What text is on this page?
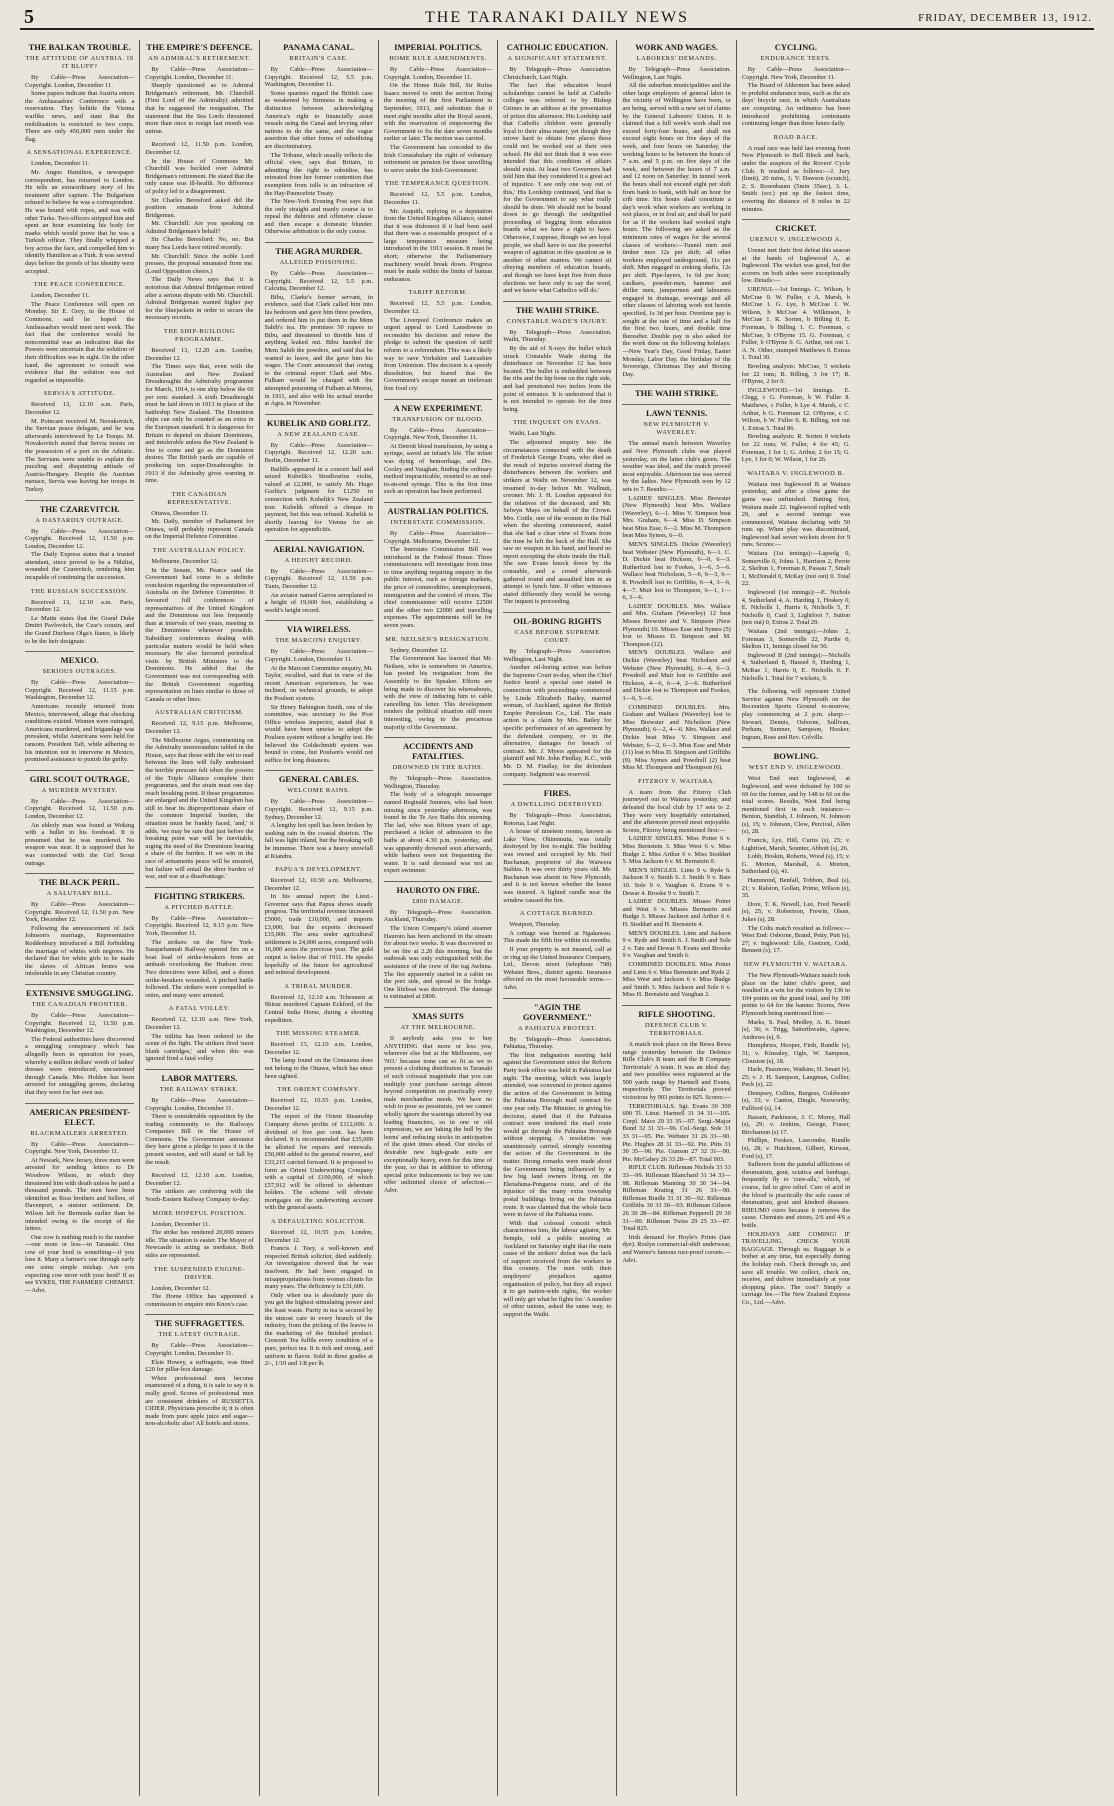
5	THE TARANAKI DAILY NEWS	FRIDAY, DECEMBER 13, 1912.
THE BALKAN TROUBLE.
THE ATTITUDE OF AUSTRIA. IS IT BLUFF?
By Cable—Press Association—Copyright. London, December 11.
Some papers indicate that Austria enters the Ambassadors' Conference with a reservation. They belittle the Vienna warlike news, and state that the mobilisation is restricted to two corps. There are only 450,000 men under the flag.
A SENSATIONAL EXPERIENCE.
London, December 11.
Mr. Angus Hamilton, a newspaper correspondent, has returned to London. He tells an extraordinary story of his treatment after capture. The Bulgarians refused to believe he was a correspondent. He was bound with ropes, and was with other Turks. Two officers stripped him and spent an hour examining his body for marks which would prove that he was a Turkish officer. They finally whipped a boy across the face, and compelled him to identify Hamilton as a Turk. It was several days before the proofs of his identity were accepted.
THE PEACE CONFERENCE.
London, December 11.
The Peace Conference will open on Monday. Sir E. Grey, in the House of Commons, said he hoped the Ambassadors would meet next week. The fact that the conference would be nonconmittal was an indication that the Powers were uncertain that the solution of their difficulties was in sight. On the other hand, the agreement to consult was evidence that the solution was not regarded as impossible.
SERVIA'S ATTITUDE.
Received 13, 12.10 a.m. Paris, December 12.
M. Poincare received M. Novakovitch, the Servian peace delegate, and he was afterwards interviewed by Le Temps. M. Novakovitch stated that Servia insists on the possession of a port on the Adriatic. The Servians were unable to explain the puzzling and disquieting attitude of Austria-Hungary. Despite the Austrian menace, Servia was leaving her troops in Turkey.
THE CZAREVITCH.
A DASTARDLY OUTRAGE.
By Cable—Press Association—Copyright. Received 12, 11.50 p.m. London, December 12.
The Daily Express states that a trusted attendant, since proved to be a Nihilist, wounded the Czarevitch, rendering him incapable of continuing the succession.
THE RUSSIAN SUCCESSION.
Received 13, 12.10 a.m. Paris, December 12.
Le Matin states that the Grand Duke Dmitri Pavlovitch, the Czar's cousin, and the Grand Duchess Olga's fiance, is likely to be the heir designate.
MEXICO.
SERIOUS OUTRAGES.
By Cable—Press Association—Copyright. Received 12, 11.15 p.m. Washington, December 12.
Americans recently returned from Mexico, interviewed, allege that shocking conditions existed. Women were outraged, Americans murdered, and brigandage was prevalent, whilst Americans were held for ransom. President Taft, while adhering to his intention not to intervene in Mexico, promised assistance to punish the guilty.
GIRL SCOUT OUTRAGE.
A MURDER MYSTERY.
By Cable—Press Association—Copyright. Received 12, 11.50 p.m. London, December 12.
An elderly man was found at Woking with a bullet in his forehead. It is presumed that he was murdered. No weapon was near. It is supposed that he was connected with the Girl Scout outrage.
THE BLACK PERIL.
A SALUTARY BILL.
By Cable—Press Association—Copyright. Received 12, 11.50 p.m. New York, December 12.
Following the announcement of Jack Johnson's marriage, Representative Roddenbury introduced a Bill forbidding the marriage of whites with negroes. He declared that for white girls to be made the slaves of African brutes was intolerable in any Christian country.
EXTENSIVE SMUGGLING.
THE CANADIAN FRONTIER.
By Cable—Press Association—Copyright. Received 12, 11.50 p.m. Washington, December 12.
The Federal authorities have discovered a smuggling conspiracy which has allegedly been in operation for years, whereby a million dollars' worth of ladies' dresses were introduced, uncustomed through Canada. Mrs. Holden has been arrested for smuggling gowns, declaring that they were for her own use.
AMERICAN PRESIDENT-ELECT.
BLACKMAILERS ARRESTED.
By Cable—Press Association—Copyright. New York, December 11.
At Newark, New Jersey, three men were arrested for sending letters to Dr Woodrow Wilson, in which they threatened him with death unless he paid a thousand pounds. The men have been identified as Ross brothers and Sellers, of Davenport, a sinister settlement. Dr. Wilson left for Bermuda earlier than he intended owing to the receipt of the letters.
One cow is nothing much to the number—one more or less—in Taranaki. One cow of your herd is something—if you lose it. Many a farmer's one through early one some simple mishap. Are you expecting cow more with your herd? If so see SYKES, THE FARMERS' CHEMIST.—Advt.
THE EMPIRE'S DEFENCE.
AN ADMIRAL'S RETIREMENT.
By Cable—Press Association—Copyright. London, December 11.
Sharply questioned as to Admiral Bridgeman's retirement, Mr. Churchill (First Lord of the Admiralty) admitted that he suggested the resignation. The statement that the Sea Lords threatened more than once to resign last month was untrue.
Received 12, 11.50 p.m. London, December 12.
In the House of Commons Mr. Churchill was heckled over Admiral Bridgeman's retirement. He stated that the only cause was ill-health. No difference of policy led to a disagreement.
Sir Charles Beresford asked did the position emanate from Admiral Bridgeman.
Mr. Churchill: Are you speaking on Admiral Bridgeman's behalf?
Sir Charles Beresford: No, no. But many Sea Lords have retired recently.
Mr. Churchill: Since the noble Lord presses, the proposal emanated from me. (Loud Opposition cheers.)
The Daily News says that it is notorious that Admiral Bridgeman retired after a serious dispute with Mr. Churchill. Admiral Bridgeman wanted higher pay for the bluejackets in order to secure the necessary recruits.
THE SHIP-BUILDING PROGRAMME.
Received 13, 12.20 a.m. London, December 12.
The Times says that, even with the Australian and New Zealand Dreadnoughts the Admiralty programme for March, 1914, is one ship below the 60 per cent. standard. A sixth Dreadnought must be laid down in 1913 in place of the battleship New Zealand. The Dominion ships can only be counted as an extra in the European standard. It is dangerous for Britain to depend on distant Dominions, and intolerable unless the New Zealand is free to come and go as the Dominion desires. The British yards are capable of producing ten super-Dreadnoughts in 1913 if the Admiralty gives warning in time.
THE CANADIAN REPRESENTATIVE.
Ottawa, December 11.
Mr. Daily, member of Parliament for Ottawa, will probably represent Canada on the Imperial Defence Committee.
THE AUSTRALIAN POLICY.
Melbourne, December 12.
In the Senate, Mr. Pearce said the Government had come to a definite conclusion regarding the representation of Australia on the Defence Committee. It favoured full conferences of representatives of the United Kingdom and the Dominions not less frequently than at intervals of two years, meeting in the Dominions whenever possible. Subsidiary conferences dealing with particular matters would be held when necessary. He also favoured periodical visits by British Ministers to the Dominions. He added that the Government was not corresponding with the British Government regarding representation on lines similar to those of Canada or other lines.
AUSTRALIAN CRITICISM.
Received 12, 9.15 p.m. Melbourne, December 12.
The Melbourne Argus, commenting on the Admiralty memorandum tabled in the House, says that those with the wit to read between the lines will fully understand the terrible pressure felt when the powers of the Triple Alliance complete their programmes, and the strain must one day reach breaking point. If these programmes are enlarged and the United Kingdom has still to bear its disproportionate share of the common Imperial burden, the situation must be frankly faced, 'and,' it adds, 'we may be sure that just before the breaking point war will be inevitable, urging the need of the Dominions bearing a share of the burden. If we win in the race of armaments peace will be ensured, but failure will entail the direr burden of war, and war at a disadvantage.'
FIGHTING STRIKERS.
A PITCHED BATTLE.
By Cable—Press Association—Copyright. Received 12, 9.15 p.m. New York, December 11.
The strikers on the New York-Susquehannah Railway opened fire on a boat load of strike-breakers from an ambush overlooking the Hudson river. Two detectives were killed, and a dozen strike-breakers wounded. A pitched battle followed. The strikers were compelled to retire, and many were arrested.
A FATAL VOLLEY.
Received 12, 12.10 a.m. New York, December 12.
The militia has been ordered to the scene of the fight. The strikers fired 'most blank cartridges,' and when this was ignored fired a fatal volley.
LABOR MATTERS.
THE RAILWAY STRIKE.
By Cable—Press Association—Copyright. London, December 11.
There is considerable opposition by the trading community to the Railways Companies Bill in the House of Commons. The Government announce they have given a pledge to pass it in the present session, and will stand or fall by the result.
Received 12, 12.10 a.m. London, December 12.
The strikers are conferring with the North-Eastern Railway Company to-day.
MORE HOPEFUL POSITION.
London, December 11.
The strike has rendered 20,000 miners idle. The situation is easier. The Mayor of Newcastle is acting as mediator. Both sides are represented.
THE SUSPENDED ENGINE-DRIVER.
London, December 12.
The Home Office has appointed a commission to enquire into Knox's case.
THE SUFFRAGETTES.
THE LATEST OUTRAGE.
By Cable—Press Association—Copyright. London, December 11.
Elsie Howey, a suffragette, was fined £20 for pillar-box damage.
When professional men become enamoured of a thing, it is safe to say it is really good. Scores of professional men are consistent drinkers of RUSSETTA CIDER. Physicians prescribe it; it is often made from pure apple juice and sugar—non-alcoholic also! All hotels and stores.
PANAMA CANAL.
BRITAIN'S CASE.
By Cable—Press Association—Copyright. Received 12, 5.5 p.m. Washington, December 11.
Some quarters regard the British case as weakened by firmness in making a distinction between acknowledging America's right to financially assist vessels using the Canal and levying other nations to do the same, and the vague assertion that other forms of subsidising are discriminatory.
The Tribune, which usually reflects the official view, says that Britain, in admitting the right to subsidise, has retreated from her former contention that exemption from tolls is an infraction of the Hay-Pauncefote Treaty.
The New-York Evening Post says that the only straight and manly course is to repeal the dubious and offensive clause and then escape a domestic blunder. Otherwise arbitration is the only course.
THE AGRA MURDER.
ALLEGED POISONING.
By Cable—Press Association—Copyright. Received 12, 5.5 p.m. Calcutta, December 12.
Bibu, Clarke's former servant, in evidence, said that Clark called him into his bedroom and gave him three powders, and ordered him to put them in the Mem Sahib's tea. He promises 50 rupees to Bibu, and threatened to throttle him if anything leaked out. Bibu handed the Mem Sahib the powders, and said that he wanted to leave, and the gave him his wages. The Court announced that owing to the criminal report Clark and Mrs. Fulham would be charged with the attempted poisoning of Fulham at Meerut, in 1911, and also with his actual murder at Agra, in November.
KUBELIK AND GORLITZ.
A NEW ZEALAND CASE.
By Cable—Press Association—Copyright. Received 12, 12.20 a.m. Berlin, December 11.
Bailiffs appeared in a concert hall and seized Kubelik's Stradivarius violin, valued at £2,000, to satisfy Mr. Hugo Gorlitz's judgment for £1250 in connection with Kubelik's New Zealand tour. Kubelik offered a cheque in payment, but this was refused. Kubelik is shortly leaving for Vienna for an operation for appendicitis.
AERIAL NAVIGATION.
A HEIGHT RECORD.
By Cable—Press Association—Copyright. Received 12, 11.50 p.m. Tunis, December 12.
An aviator named Garros aeroplaned to a height of 19,600 feet, establishing a world's height record.
VIA WIRELESS.
THE MARCONI ENQUIRY.
By Cable—Press Association—Copyright. London, December 11.
At the Marconi Committee enquiry, Mr. Taylor, recalled, said that in view of the recent American experiences, he was inclined, on technical grounds, to adopt the Poulsen system.
Sir Henry Babington Smith, one of the committee, was secretary to the Post Office wireless inspector, stated that it would have been unwise to adopt the Poulsen system without a lengthy test. He believed the Goldschmidt system was bound to come, but Poulsen's would not suffice for long distances.
GENERAL CABLES.
WELCOME RAINS.
By Cable—Press Association—Copyright. Received 12, 9.15 p.m. Sydney, December 12.
A lengthy hot spell has been broken by soaking rain in the coastal districts. The fall was light inland, but the breaking will be immense. There was a heavy snowfall at Kiandra.
PAPUA'S DEVELOPMENT.
Received 12, 10.50 a.m. Melbourne, December 12.
In his annual report the Lieut.-Governor says that Papua shows steady progress. The territorial revenue increased £5000, trade £10,000, and imports £3,000, but the exports decreased £15,000. The area under agricultural settlement is 24,000 acres, compared with 16,000 acres the previous year. The gold output is below that of 1911. He speaks hopefully of the future for agricultural and mineral development.
A TRIBAL MURDER.
Received 12, 12.10 a.m. Tchesmen at Shiraz murdered Captain Eckford, of the Central India Horse, during a shooting expedition.
THE MISSING STEAMER.
Received 13, 12.10 a.m. London, December 12.
The lamp found on the Centaurus does not belong to the Ottawa, which has since been sighted.
THE ORIENT COMPANY.
Received 12, 10.55 p.m. London, December 12.
The report of the Orient Steamship Company shows profits of £112,000. A dividend of five per cent. has been declared. It is recommended that £35,000 be allotted for repairs and renewals. £50,000 added to the general reserve, and £33,215 carried forward. It is proposed to form an Orient Underwriting Company with a capital of £100,000, of which £57,912 will be offered to debenture holders. The scheme will obviate mortgages on the underwriting account with the general assets.
A DEFAULTING SOLICITOR.
Received 12, 10.55 p.m. London, December 12.
Francis J. Teey, a well-known and respected British solicitor, died suddenly. An investigation showed that he was insolvent. He had been engaged in misappropriations from women clients for many years. The deficiency is £31,600.
Only when tea is absolutely pure do you get the highest stimulating power and the least waste. Purity in tea is secured by the utmost care in every branch of the industry, from the picking of the leaves to the marketing of the finished product. Crescent Tea fulfils every condition of a pure, perfect tea. It is rich and strong, and uniform in flavor. Sold in three grades at 2/-, 1/10 and 1/8 per lb.
IMPERIAL POLITICS.
HOME RULE AMENDMENTS.
By Cable—Press Association—Copyright. London, December 11.
On the Home Rule Bill, Sir Rufus Isaacs moved to omit the section fixing the meeting of the first Parliament in September, 1913, and substitute that it meet eight months after the Royal assent, with the reservation of empowering the Government to fix the date seven months earlier or later. The motion was carried.
The Government has conceded to the Irish Constabulary the right of voluntary retirement on pension for those unwilling to serve under the Irish Government.
THE TEMPERANCE QUESTION.
Received 12, 5.5 p.m. London, December 11.
Mr. Asquith, replying to a deputation from the United Kingdom Alliance, stated that it was dishonest if it had been said that there was a reasonable prospect of a large temperance measure being introduced in the 1913 session. It must be short; otherwise the Parliamentary machinery would break down. Progress must be made within the limits of human endurance.
TARIFF REFORM.
Received 12, 5.5 p.m. London, December 12.
The Liverpool Conference makes an urgent appeal to Lord Lansdowne to reconsider his decision and renew the pledge to submit the question of tariff reform to a referendum. This was a likely way to save Yorkshire and Lancashire from Unionism. This decision is a speedy dissolution, but feared that the Government's escape meant an irrelevant free food cry.
A NEW EXPERIMENT.
TRANSFUSION OF BLOOD.
By Cable—Press Association—Copyright. New York, December 11.
At Detroit blood transfusion, by using a syringe, saved an infant's life. The infant was dying of hemorrhage, and Drs. Cooley and Vaughan, finding the ordinary method impracticable, resorted to an end-to-an-end syringe. This is the first time such an operation has been performed.
AUSTRALIAN POLITICS.
INTERSTATE COMMISSION.
By Cable—Press Association—Copyright. Melbourne, December 12.
The Interstate Commission Bill was introduced in the Federal House. Three commissioners will investigate from time to time anything requiring enquiry in the public interest, such as foreign markets, the price of commodities, unemployment, immigration and the control of rivers. The chief commissioner will receive £2500 and the other two £2000 and travelling expenses. The appointments will be for seven years.
MR. NEILSEN'S RESIGNATION.
Sydney, December 12.
The Government has learned that Mr. Neilsen, who is somewhere in America, has posted his resignation from the Assembly to the Speaker. Efforts are being made to discover his whereabouts, with the view of inducing him to cable cancelling his letter. This development renders the political situation still more interesting, owing to the precarious majority of the Government.
ACCIDENTS AND FATALITIES.
DROWNED IN THE BATHS.
By Telegraph—Press Association. Wellington, Thursday.
The body of a telegraph messenger named Reginald Jommes, who had been missing since yesterday afternoon, was found in the Te Aro Baths this morning. The lad, who was fifteen years of age, purchased a ticket of admission to the baths at about 4.30 p.m. yesterday, and was apparently drowned soon afterwards, while bathers were not frequenting the water. It is said deceased was not an expert swimmer.
HAUROTO ON FIRE.
£800 DAMAGE.
By Telegraph—Press Association. Auckland, Thursday.
The Union Company's island steamer Hauroto has been anchored in the stream for about two weeks. It was discovered to be on fire at 2.20 this morning, but the outbreak was only extinguished with the assistance of the crew of the tug Awhina. The fire apparently started in a cabin on the port side, and spread to the bridge. One lifeboat was destroyed. The damage is estimated at £800.
XMAS SUITS
AT THE MELBOURNE.
If anybody asks you to buy ANYTHING that more or less you, wherever else but at the Melbourne, say 'NO.' because none can so fit as we to present a clothing distribution in Taranaki of such colossal magnitude that you can multiply your purchase savings almost beyond competition on practically every male merchandise needs. We have no wish to pose as pessimists, yet we cannot wholly ignore the warnings uttered by our leading financiers, so in one or old expression, we are 'taking the bull by the horns' and reducing stocks in anticipation of the quiet times ahead. Our stocks of desirable new high-grade suits are exceptionally heavy, even for this time of the year, so that in addition to offering special price inducements to buy we can offer unlimited choice of selection.—Advt.
CATHOLIC EDUCATION.
A SIGNIFICANT STATEMENT.
By Telegraph—Press Association. Christchurch, Last Night.
The fact that education board scholarships cannot be held at Catholic colleges was referred to by Bishop Grimes in an address at the presentation of prizes this afternoon. His Lordship said that Catholic children were generally loyal to their alma mater, yet though they strove hard to obtain free places these could not be worked out at their own school. He did not think that it was ever intended that this condition of affairs should exist. At least two Governors had told him that they considered it a great act of injustice. 'I see only one way out of this,' His Lordship continued, 'and that is for the Government to say what really should be done. We should not be bound down to go through the undignified proceeding of begging from education boards what we have a right to have. Otherwise, I suppose, though we are loyal people, we shall have to use the powerful weapon of agitation in this question as in another of other matters. We cannot sit obeying members of education boards, and though we have kept free from these elections we have only to say the word, and we know what Catholics will do.'
THE WAIHI STRIKE.
CONSTABLE WADE'S INJURY.
By Telegraph—Press Association. Waihi, Thursday.
By the aid of X-rays the bullet which struck Constable Wade during the disturbance on November 12 has been located. The bullet is embedded between the ribs and the hip bone on the right side, and had penetrated two inches from the point of entrance. It is understood that it is not intended to operate for the time being.
THE INQUEST ON EVANS.
Waihi, Last Night.
The adjourned enquiry into the circumstances connected with the death of Frederick George Evans, who died as the result of injuries received during the disturbances between the workers and strikers at Waihi on November 12, was resumed to-day before Mr. Wallnutt, coroner. Mr. J. H. London appeared for the relatives of the deceased, and Mr. Selwyn Mays on behalf of the Crown. Mrs. Cottle, one of the women in the Hall when the shooting commenced, stated that she had a clear view of Evans from the time he left the back of the Hall. She saw no weapon in his hand, and heard no report excepting the shots inside the Hall. She saw Evans knock down by the constable, and a crowd afterwards gathered round and assaulted him in an attempt to lynch him. If other witnesses stated differently they would be wrong. The inquest is proceeding.
OIL-BORING RIGHTS
CASE BEFORE SUPREME COURT.
By Telegraph—Press Association. Wellington, Last Night.
Another oil-boring action was before the Supreme Court to-day, when the Chief Justice heard a special case stated in connection with proceedings commenced by Linda Elizabeth Bailey, married woman, of Auckland, against the British Empire Petroleum Co., Ltd. The main action is a claim by Mrs. Bailey for specific performance of an agreement by the defendant company, or in the alternative, damages for breach of contract. Mr. J. Myers appeared for the plaintiff and Mr. John Findlay, K.C., with Mr. D. M. Findlay, for the defendant company. Judgment was reserved.
FIRES.
A DWELLING DESTROYED.
By Telegraph—Press Association. Rotorua, Last Night.
A house of nineteen rooms, known as Lake View, Ohinemutu, was totally destroyed by fire to-night. The building was owned and occupied by Mr. Neil Buchanan, proprietor of the Waiwera Stables. It was over thirty years old. Mr. Buchanan was absent in New Plymouth, and it is not known whether the house was insured. A lighted candle near the window caused the fire.
A COTTAGE BURNED.
Westport, Thursday.
A cottage was burned at Ngakawau. This made the fifth fire within six months.
If your property is not insured, call at or ring up the United Insurance Company, Ltd., Devon street (telephone 798) Webster Bros., district agents. Insurance effected on the most favourable terms.—Advt.
"AGIN THE GOVERNMENT."
A PAHIATUA PROTEST.
By Telegraph—Press Association. Pahiatua, Thursday.
The first indignation meeting held against the Government since the Reform Party took office was held in Pahiatua last night. The meeting, which was largely attended, was convened to protest against the action of the Government in letting the Pahiatua Borough mail contract for one year only. The Minister, in giving his decision, stated that if the Pahiatua contract were tendered the mail route would go through the Pahiatua Borough without stopping. A resolution was unanimously carried, strongly resenting the action of the Government in the matter. Strong remarks were made about the Government being influenced by a few big land owners living on the Eketahuna-Pongaroa route, and of the injustice of the many extra township postal buildings living on the Pahiatua route. It was claimed that the whole facts were in favor of the Pahiatua route.
With that colossal conceit which characterises him, the labour agitator, Mr. Semple, told a public meeting at Auckland on Saturday night that the main cause of the strikers' defeat was the lack of support received from the workers in this country. The men with their employers' prejudices against organisation of policy, but they all expect it to get nation-wide rights, 'the worker will only get what he fights for.' A number of other unions, asked the same way, to support the Waihi.
WORK AND WAGES.
LABORERS' DEMANDS.
By Telegraph—Press Association. Wellington, Last Night.
All the suburban municipalities and the other large employers of general labor in the vicinity of Wellington have been, or are being, served with a new set of claims by the General Laborers' Union. It is claimed that a full week's work shall not exceed forty-four hours, and shall not exceed eight hours on five days of the week, and four hours on Saturday, the working hours to be between the hours of 7 a.m. and 5 p.m. on five days of the week, and between the hours of 7 a.m. and 12 noon on Saturday. In tunnel work the hours shall not exceed eight per shift from bank to bank, with half an hour for crib time. Six hours shall constitute a day's work when workers are working in wet places, or in foul air, and shall be paid for as if the workers had worked eight hours. The following are asked as the minimum rates of wages for the several classes of workers:—Tunnel men and timber men 12s per shift; all other workers employed underground, 11s per shift. Men engaged in sinking shafts, 12s per shift. Pipe-layers, 1s 6d per hour; caulkers, powder-men, hammer and driller men, jumpermen and labourers engaged in drainage, sewerage and all other classes of laboring work not herein specified, 1s 3d per hour. Overtime pay is sought at the rate of time and a half for the first two hours, and double time thereafter. Double pay is also asked for the work done on the following holidays:—New Year's Day, Good Friday, Easter Monday, Labor Day, the birthday of the Sovereign, Christmas Day and Boxing Day.
THE WAIHI STRIKE.
LAWN TENNIS.
NEW PLYMOUTH V. WAVERLEY.
The annual match between Waverley and New Plymouth clubs was played yesterday, on the latter club's green. The weather was ideal, and the match proved most enjoyable. Afternoon tea was served by the ladies. New Plymouth won by 12 sets to 7. Results:—
LADIES' SINGLES. Miss Brewster (New Plymouth) beat Mrs. Wallace (Waverley), 6—1. Miss V. Simpson beat Mrs. Graham, 6—4. Miss D. Simpson beat Miss Esse, 6—2. Miss M. Thompson beat Miss Symes, 6—0.
MEN'S SINGLES. Dickie (Waverley) beat Webster (New Plymouth), 6—1. C. D. Dickie beat Hickson, 6—0, 6—3. Rutherfurd lost to Fookes, 1—6, 5—6. Wallace beat Nicholson, 5—6, 6—3, 6—8. Powdrell lost to Griffiths, 6—4, 3—6, 4—7. Muir lost to Thompson, 6—1, 1—6, 3—6.
LADIES' DOUBLES. Mrs. Wallace and Mrs. Graham (Waverley) 12 beat Misses Brewster and V. Simpson (New Plymouth) 10. Misses Esse and Symes (5) lost to Misses D. Simpson and M. Thompson (12).
MEN'S DOUBLES. Wallace and Dickie (Waverley) beat Nicholson and Webster (New Plymouth), 6—4, 6—3. Powdrell and Muir lost to Griffiths and Hickson, 4—6, 6—4, 2—6. Rutherfurd and Dickie lost to Thompson and Fookes, 1—6, 5—6.
COMBINED DOUBLES. Mrs. Graham and Wallace (Waverley) lost to Miss Brewster and Nicholson (New Plymouth), 6—2, 4—6. Mrs. Wallace and Dickie beat Miss V. Simpson and Webster, 6—2, 6—3. Miss Esse and Muir (11) lost to Miss D. Simpson and Griffiths (9). Miss Symes and Powdrell (2) beat Miss M. Thompson and Thompson (6).
FITZROY V. WAITARA.
A team from the Fitzroy Club journeyed out to Waitara yesterday, and defeated the local club by 17 sets to 2. They were very hospitably entertained, and the afternoon proved most enjoyable. Scores, Fitzroy being mentioned first:—
LADIES' SINGLES. Miss Potter 6 v. Miss Bernstein 3. Miss West 6 v. Miss Budge 2. Miss Arthur 6 v. Miss Stoddart 5. Miss Jackson 6 v. M. Bernstein 0.
MEN'S SINGLES. Lints 9 v. Ryde 6. Jackson 9 v. Smith 6. J. Smith 9 v. Bate 10. Sole 9 v. Vaughan 6. Evans 9 v. Dewar 4. Brooke 9 v. Smith 7.
LADIES' DOUBLES. Misses Potter and West 6 v. Misses Bernstein and Budge 3. Misses Jackson and Arthur 6 v. H. Stoddart and H. Bernstein 4.
MEN'S DOUBLES. Lints and Jackson 9 v. Ryde and Smith 6. J. Smith and Sole 2 v. Tate and Dewar 9. Evans and Brooke 9 v. Vaughan and Smith 6.
COMBINED DOUBLES. Miss Potter and Lints 6 v. Miss Bernstein and Ryde 2. Miss West and Jackson 6 v. Miss Budge and Smith 3. Miss Jackson and Sole 6 v. Miss H. Bernstein and Vaughan 2.
RIFLE SHOOTING.
DEFENCE CLUB V. TERRITORIALS.
A match took place on the Rewa Rewa range yesterday between the Defence Rifle Club's B team and the B Company Territorials' A team. It was an ideal day, and two possibles were registered at the 500 yards range by Hartnell and Evans, respectively. The Territorials proved victorious by 903 points to 825. Scores:—
TERRITORIALS. Sgt. Evans 30 300 600 Tl. Lieut. Hartnell 31 34 31—105. Corpl. Mace 29 33 35—97. Sergt.-Major Bond 32 31 33—96. Col.-Sergt. Sole 31 33 31—95. Pte. Webster 31 26 33—90. Pte. Hughes 28 31 33—92. Pte. Pitts 31 30 35—96. Pte. Gunson 27 32 31—90. Pte. McGahey 26 33 28—87. Total 903.
RIFLE CLUB. Rifleman Nichols 33 33 33—99. Rifleman Blanchard 31 34 33—98. Rifleman Manning 30 30 34—94. Rifleman Kratiog 31 26 33—90. Rifleman Bradle 31 31 30—92. Rifleman Griffiths 30 33 30—93. Rifleman Gibson 26 30 28—84. Rifleman Pepperell 29 30 31—90. Rifleman Twiss 29 25 33—87. Total 825.
Irish demand for Hoyle's Prints (fast dye). Roslyn commercial-shift underwear, and Warner's famous rust-proof corsets.—Advt.
CYCLING.
ENDURANCE TESTS.
By Cable—Press Association—Copyright. New York, December 11.
The Board of Aldermen has been asked to prohibit endurance tests, such as the six days' bicycle race, in which Australians are competing. An ordinance has been introduced prohibiting contestants continuing longer than three hours daily.
ROAD RACE.
A road race was held last evening from New Plymouth to Bell Block and back, under the auspices of the Rovers' Cycle Club. It resulted as follows:—J. Jury (limit), 20 mins, 1; V. Dawson (scratch), 2; S. Rosenbaum (5min 35sec), 3. L. Smith (scr.) put up the fastest time, covering the distance of 8 miles in 22 minutes.
CRICKET.
URENUI V. INGLEWOOD A.
Urenui met their first defeat this season at the hands of Inglewood A, at Inglewood. The wicket was good, but the scorers on both sides were exceptionally low. Details:—
URENUI.—1st Innings. C. Wilson, b McCrae 0. W. Fuller, c A. Marsh, b McCrae 1. G. Lye, b McCrae 1. W. Wilson, b McCrae 4. Wilkinson, b McCrae 1. R. Sorten, b Billing 0. E. Foreman, b Billing 1. C. Foreman, c McCrae, b O'Byrne 15. G. Foreman, c Fuller, b O'Byrne 0. G. Arthur, not out 1. A. N. Other, stumped Matthews 0. Extras 1. Total 30.
Bowling analysis: McCrae, 5 wickets for 22 runs; B. Billing, 3 for 17; R. O'Byrne, 2 for 0.
INGLEWOOD.—1st Innings. E. Clegg, c G. Foreman, b W. Fuller 8. Matthews, c Fuller, b Lye 4. Marsh, c C. Arthur, b G. Foreman 12. O'Byrne, c C. Wilson, b W. Fuller 0. R. Billing, not out 1. Extras 5. Total 86.
Bowling analysis: R. Sorten 0 wickets for 22 runs; W. Fuller, 4 for 45; G. Foreman, 1 for 1; G. Arthur, 2 for 15; G. Lye, 1 for 0; W. Wilson, 1 for 26.
WAITARA V. INGLEWOOD B.
Waitara met Inglewood B at Waitara yesterday, and after a close game the game was unfinished. Batting first, Waitara made 22. Inglewood replied with 29, and a second innings was commenced, Waitara declaring with 50 runs up. When play was discontinued, Inglewood had seven wickets down for 9 runs. Scores:—
Waitara (1st innings):—Lapsolg 0, Somerville 0, Johns 1, Harrison 2, Perrie 2, Skelton 1, Foreman 8, Passau 7, Smali 1, McDonald 0, McKay (not out) 0. Total 22.
Inglewood (1st innings):—E. Nichols 4, Sutherland 4, A. Harding 1, Hoskey 0, E. Nicholls 1, Harris 6, Nicholls 5, F. Nicholls 0, Card 3, Lightfoot 7, Sutton (not out) 0, Extras 2. Total 29.
Waitara (2nd innings):—Johns 2, Foreman 3, Somerville 22, Purdie 0, Skelton 11, Innings closed for 50.
Inglewood B (2nd innings):—Nicholls 4, Sutherland 8, Hassed 0, Harding 1, McRae 1, Harris 0, E. Nicholls 0. F. Nicholls 1. Total for 7 wickets, 9.
The following will represent United Service against New Plymouth on the Recreation Sports Ground to-morrow, play commencing at 2 p.m. sharp:—Stewart, Dennis, Osborne, Sullivan, Perham, Sumner, Sampson, Hooker, Ingram, Rose and Rev. Colville.
BOWLING.
WEST END V. INGLEWOOD.
West End met Inglewood, at Inglewood, and were defeated by 100 to 69 for the former, and by 148 to 66 on the total scores. Results, West End being mentioned first in each instance:—Benton, Standish, J. Johnson, N. Johnson (s), 15; v. Johnson, Clow, Percival, Allen (s), 28.
Francis, Lye, Hill, Curtis (s), 25; v. Lightfoot, Marsh, Sounter, Abbott (s), 26.
Lobb, Hoskin, Roberts, Wood (s), 15; v. G. Morton, Marshall, A. Morton, Sutherland (s), 41.
Hammond, Benfall, Tobbon, Beal (s), 21; v. Ralston, Gollan, Prime, Wilson (s), 35.
Dore, T. K. Newell, Lee, Fred Newell (s), 25; v. Robertson, Frewin, Olsen, Jukes (s), 28.
The Colts match resulted as follows:—West End: Osborne, Brand, Petty, Putt (s), 27; v. Inglewood: Lile, Goetzen, Codd, Bennett (s), 17.
NEW PLYMOUTH V. WAITARA.
The New Plymouth-Waitara match took place on the latter club's green, and resulted in a win for the visitors by 136 to 104 points on the grand total, and by 100 points to 64 for the banner. Scores, New Plymouth being mentioned first:—
Marks, S. Paul, Medley, A. K. Smart (s), 36; v. Trigg, Satterthwaite, Agnew, Andrews (s), 9.
Humphries, Hooper, Firth, Rundle (s), 31; v. Kinealey, Ogle, W. Sampson, Clouston (s), 18.
Harle, Passmore, Watkins, H. Smart (s), 25; v. J. H. Sampson, Langman, Collier, Peck (s), 22.
Dempsey, Collins, Burgess, Goldwater (s), 33; v. Canton, Dingle, Nosworthy, Fullford (s), 14.
Bassett, Parkinson, J. C. Morey, Hall (s), 29; v. Jenkins, George, Fraser, Birchamon (s) 17.
Phillips, Fookes, Luscombe, Rundle (s), 28; v. Hutchison, Gilbert, Kirwan, Ford (s), 17.
Sufferers from the painful afflictions of rheumatism, gout, sciatica and lumbago, frequently fly to 'cure-alls,' which, of course, fail to give relief. Cure of acid in the blood is practically the sole cause of rheumatism, gout and kindred diseases. RHEUMO cures because it removes the cause. Chemists and stores, 2/6 and 4/6 a bottle.
HOLIDAYS ARE COMING! IF TRAVELLING, CHECK YOUR BAGGAGE. Through us. Baggage is a bother at any time, but especially during the holiday rush. Check through us, and save all trouble. We collect, check on, receive, and deliver immediately at your shopping place. The cost? Simply a carriage fee.—The New Zealand Express Co., Ltd.—Advt.
